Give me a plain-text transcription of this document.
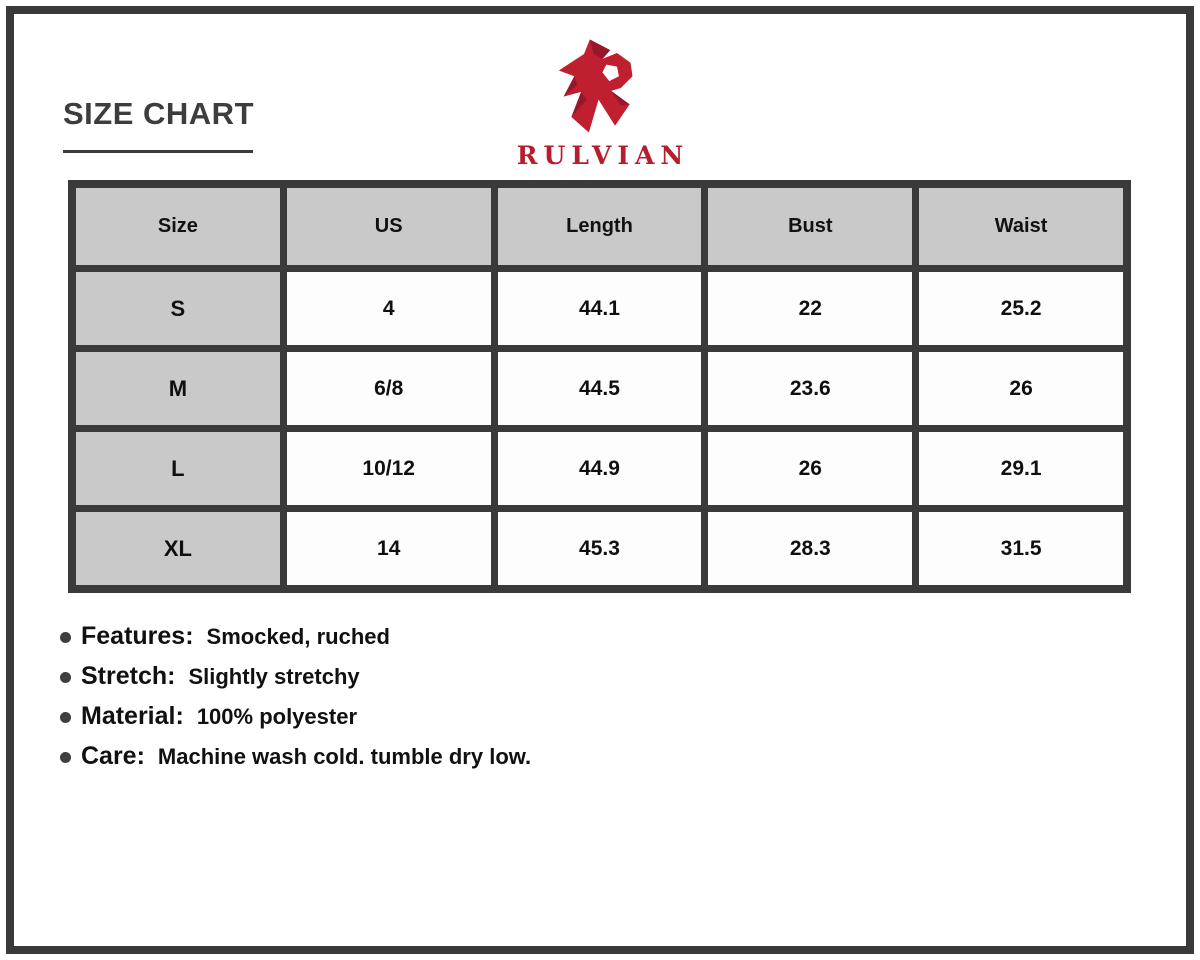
SIZE CHART
RULVIAN
Size	US	Length	Bust	Waist
S	4	44.1	22	25.2
M	6/8	44.5	23.6	26
L	10/12	44.9	26	29.1
XL	14	45.3	28.3	31.5
Features: Smocked, ruched
Stretch: Slightly stretchy
Material: 100% polyester
Care: Machine wash cold. tumble dry low.
